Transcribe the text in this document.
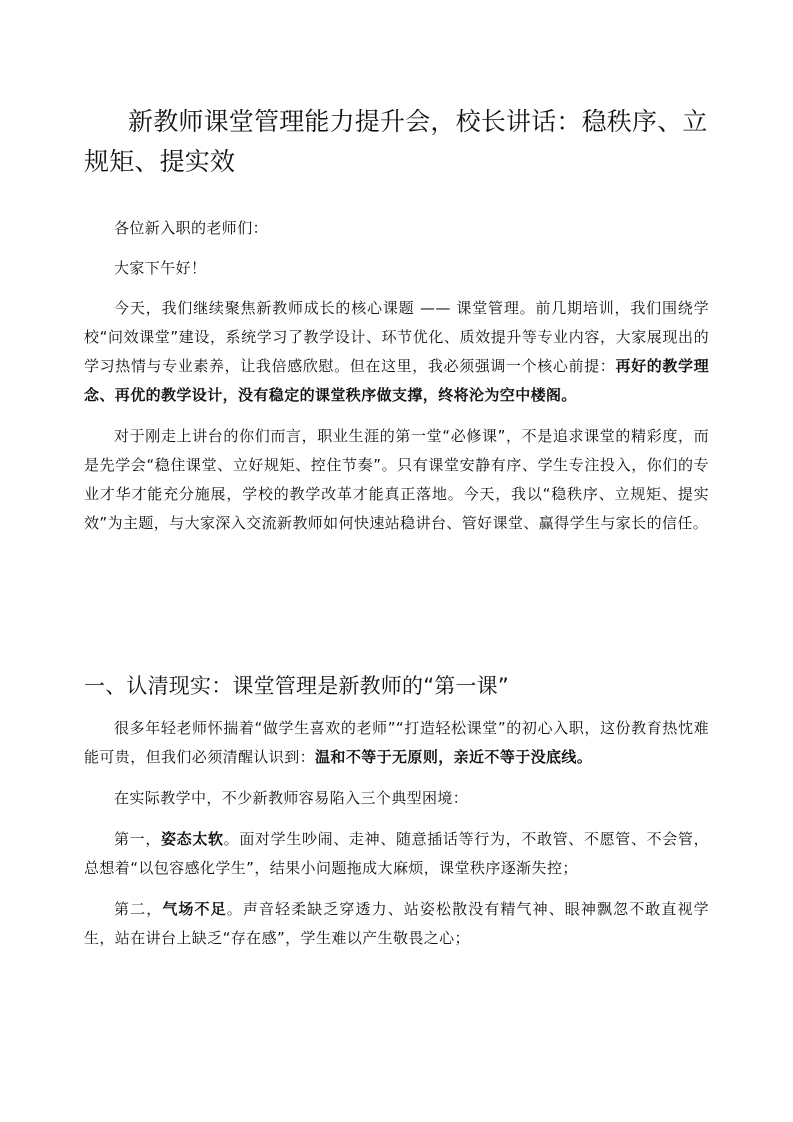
新教师课堂管理能力提升会，校长讲话：稳秩序、立规矩、提实效

各位新入职的老师们：

大家下午好！

今天，我们继续聚焦新教师成长的核心课题 —— 课堂管理。前几期培训，我们围绕学校“问效课堂”建设，系统学习了教学设计、环节优化、质效提升等专业内容，大家展现出的学习热情与专业素养，让我倍感欣慰。但在这里，我必须强调一个核心前提：再好的教学理念、再优的教学设计，没有稳定的课堂秩序做支撑，终将沦为空中楼阁。

对于刚走上讲台的你们而言，职业生涯的第一堂“必修课”，不是追求课堂的精彩度，而是先学会“稳住课堂、立好规矩、控住节奏”。只有课堂安静有序、学生专注投入，你们的专业才华才能充分施展，学校的教学改革才能真正落地。今天，我以“稳秩序、立规矩、提实效”为主题，与大家深入交流新教师如何快速站稳讲台、管好课堂、赢得学生与家长的信任。

一、认清现实：课堂管理是新教师的“第一课”

很多年轻老师怀揣着“做学生喜欢的老师”“打造轻松课堂”的初心入职，这份教育热忱难能可贵，但我们必须清醒认识到：温和不等于无原则，亲近不等于没底线。

在实际教学中，不少新教师容易陷入三个典型困境：

第一，姿态太软。面对学生吵闹、走神、随意插话等行为，不敢管、不愿管、不会管，总想着“以包容感化学生”，结果小问题拖成大麻烦，课堂秩序逐渐失控；

第二，气场不足。声音轻柔缺乏穿透力、站姿松散没有精气神、眼神飘忽不敢直视学生，站在讲台上缺乏“存在感”，学生难以产生敬畏之心；
